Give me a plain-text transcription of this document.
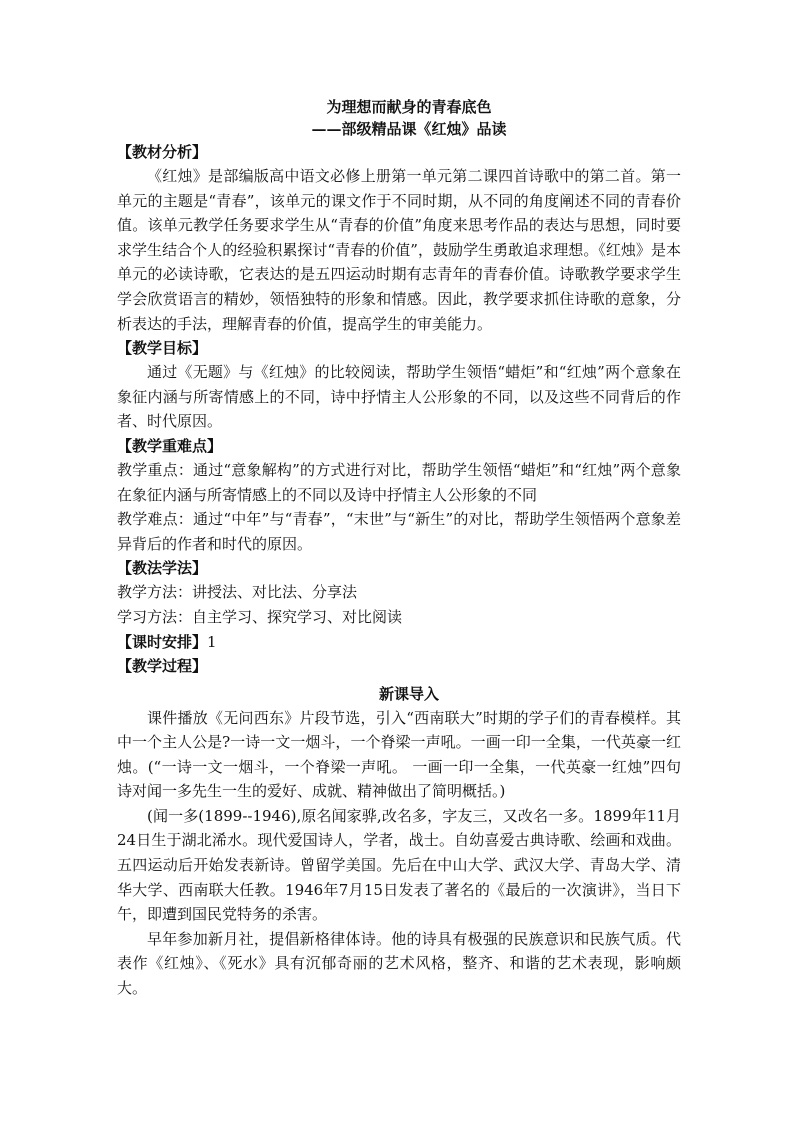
为理想而献身的青春底色
——部级精品课《红烛》品读
【教材分析】

《红烛》是部编版高中语文必修上册第一单元第二课四首诗歌中的第二首。第一单元的主题是“青春”，该单元的课文作于不同时期，从不同的角度阐述不同的青春价值。该单元教学任务要求学生从“青春的价值”角度来思考作品的表达与思想，同时要求学生结合个人的经验积累探讨“青春的价值”，鼓励学生勇敢追求理想。《红烛》是本单元的必读诗歌，它表达的是五四运动时期有志青年的青春价值。诗歌教学要求学生学会欣赏语言的精妙，领悟独特的形象和情感。因此，教学要求抓住诗歌的意象，分析表达的手法，理解青春的价值，提高学生的审美能力。

【教学目标】

通过《无题》与《红烛》的比较阅读，帮助学生领悟“蜡炬”和“红烛”两个意象在象征内涵与所寄情感上的不同，诗中抒情主人公形象的不同，以及这些不同背后的作者、时代原因。

【教学重难点】

教学重点：通过“意象解构”的方式进行对比，帮助学生领悟“蜡炬”和“红烛”两个意象在象征内涵与所寄情感上的不同以及诗中抒情主人公形象的不同

教学难点：通过“中年”与“青春”，“末世”与“新生”的对比，帮助学生领悟两个意象差异背后的作者和时代的原因。

【教法学法】

教学方法：讲授法、对比法、分享法

学习方法：自主学习、探究学习、对比阅读

【课时安排】1
【教学过程】
新课导入

课件播放《无问西东》片段节选，引入“西南联大”时期的学子们的青春模样。其中一个主人公是?一诗一文一烟斗，一个脊梁一声吼。一画一印一全集，一代英豪一红烛。(“一诗一文一烟斗，一个脊梁一声吼。 一画一印一全集，一代英豪一红烛”四句诗对闻一多先生一生的爱好、成就、精神做出了简明概括。)

(闻一多(1899--1946),原名闻家骅,改名多，字友三，又改名一多。1899年11月24日生于湖北浠水。现代爱国诗人，学者，战士。自幼喜爱古典诗歌、绘画和戏曲。五四运动后开始发表新诗。曾留学美国。先后在中山大学、武汉大学、青岛大学、清华大学、西南联大任教。1946年7月15日发表了著名的《最后的一次演讲》，当日下午，即遭到国民党特务的杀害。

早年参加新月社，提倡新格律体诗。他的诗具有极强的民族意识和民族气质。代表作《红烛》、《死水》具有沉郁奇丽的艺术风格，整齐、和谐的艺术表现，影响颇大。
